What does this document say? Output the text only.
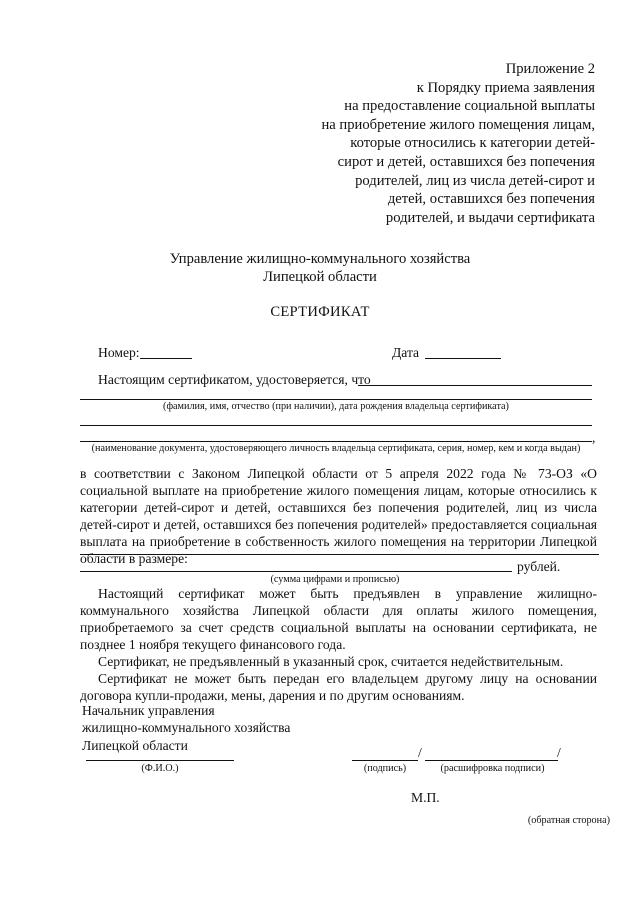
Приложение 2
к Порядку приема заявления
на предоставление социальной выплаты
на приобретение жилого помещения лицам,
которые относились к категории детей-
сирот и детей, оставшихся без попечения
родителей, лиц из числа детей-сирот и
детей, оставшихся без попечения
родителей, и выдачи сертификата
Управление жилищно-коммунального хозяйства
Липецкой области
СЕРТИФИКАТ
Номер:	Дата
Настоящим сертификатом, удостоверяется, что
(фамилия, имя, отчество (при наличии), дата рождения владельца сертификата)
,
(наименование документа, удостоверяющего личность владельца сертификата, серия, номер, кем и когда выдан)

в соответствии с Законом Липецкой области от 5 апреля 2022 года № 73-ОЗ «О социальной выплате на приобретение жилого помещения лицам, которые относились к категории детей-сирот и детей, оставшихся без попечения родителей, лиц из числа детей-сирот и детей, оставшихся без попечения родителей» предоставляется социальная выплата на приобретение в собственность жилого помещения на территории Липецкой области в размере:

рублей.
(сумма цифрами и прописью)

Настоящий сертификат может быть предъявлен в управление жилищно-коммунального хозяйства Липецкой области для оплаты жилого помещения, приобретаемого за счет средств социальной выплаты на основании сертификата, не позднее 1 ноября текущего финансового года.

Сертификат, не предъявленный в указанный срок, считается недействительным.

Сертификат не может быть передан его владельцем другому лицу на основании договора купли-продажи, мены, дарения и по другим основаниям.

Начальник управления
жилищно-коммунального хозяйства
Липецкой области
(Ф.И.О.)
/	/
(подпись)	(расшифровка подписи)
М.П.
(обратная сторона)
